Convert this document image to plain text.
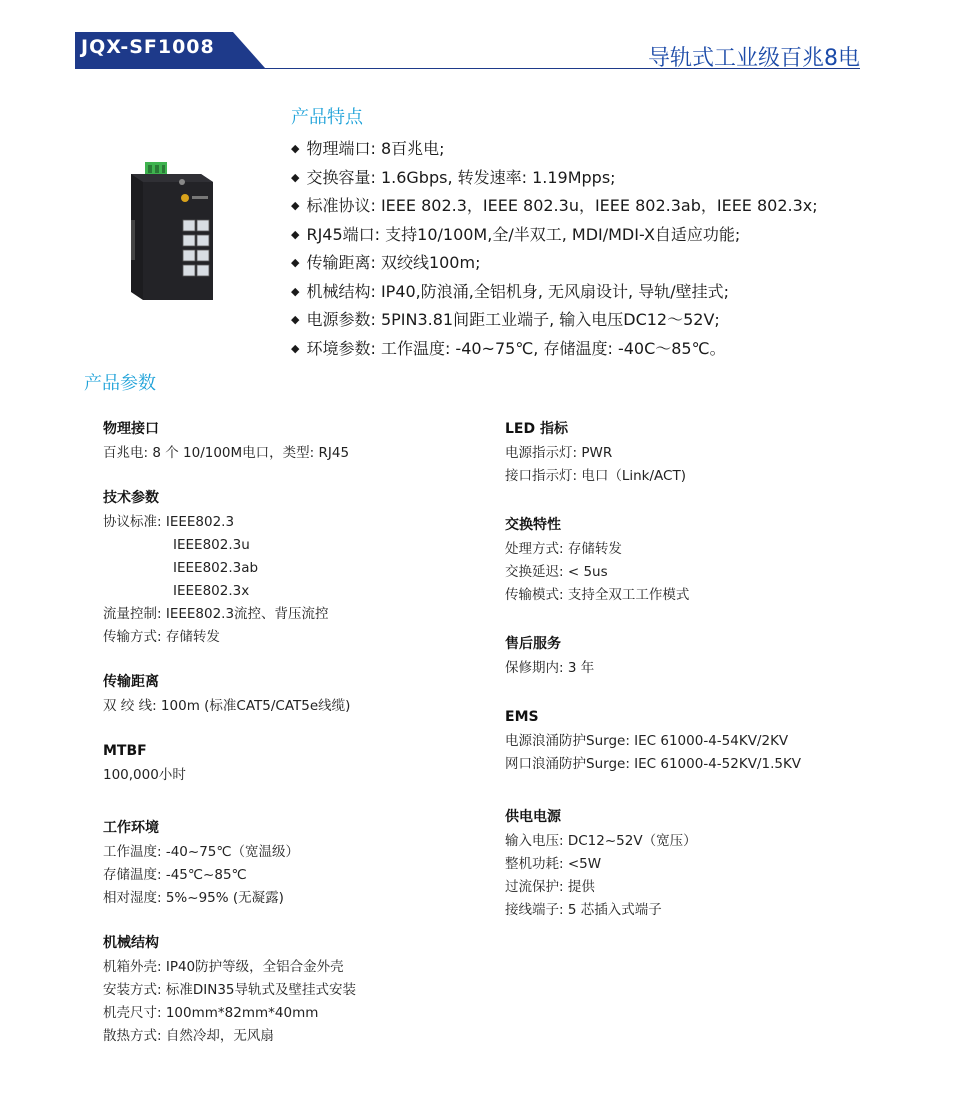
JQX-SF1008	导轨式工业级百兆8电
产品特点
◆ 物理端口: 8百兆电;
◆ 交换容量: 1.6Gbps, 转发速率: 1.19Mpps;
◆ 标准协议: IEEE 802.3，IEEE 802.3u，IEEE 802.3ab，IEEE 802.3x;
◆ RJ45端口: 支持10/100M,全/半双工, MDI/MDI-X自适应功能;
◆ 传输距离: 双绞线100m;
◆ 机械结构: IP40,防浪涌,全铝机身, 无风扇设计, 导轨/壁挂式;
◆ 电源参数: 5PIN3.81间距工业端子, 输入电压DC12～52V;
◆ 环境参数: 工作温度: -40~75℃, 存储温度: -40C～85℃。
产品参数
物理接口
百兆电: 8 个 10/100M电口，类型: RJ45
技术参数
协议标准: IEEE802.3
IEEE802.3u
IEEE802.3ab
IEEE802.3x
流量控制: IEEE802.3流控、背压流控
传输方式: 存储转发
传输距离
双 绞 线: 100m (标准CAT5/CAT5e线缆)
MTBF
100,000小时
工作环境
工作温度: -40~75℃（宽温级）
存储温度: -45℃~85℃
相对湿度: 5%~95% (无凝露)
机械结构
机箱外壳: IP40防护等级，全铝合金外壳
安装方式: 标准DIN35导轨式及壁挂式安装
机壳尺寸: 100mm*82mm*40mm
散热方式: 自然冷却，无风扇
LED 指标
电源指示灯: PWR
接口指示灯: 电口（Link/ACT)
交换特性
处理方式: 存储转发
交换延迟: < 5us
传输模式: 支持全双工工作模式
售后服务
保修期内: 3 年
EMS
电源浪涌防护Surge: IEC 61000-4-54KV/2KV
网口浪涌防护Surge: IEC 61000-4-52KV/1.5KV
供电电源
输入电压: DC12~52V（宽压）
整机功耗: <5W
过流保护: 提供
接线端子: 5 芯插入式端子
